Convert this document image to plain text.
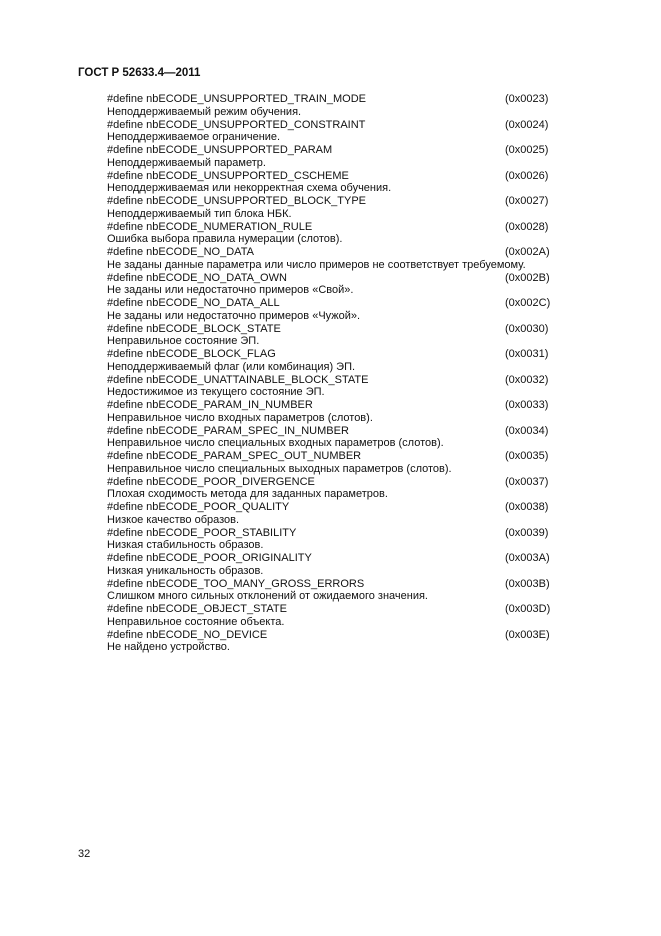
ГОСТ Р 52633.4—2011
#define nbECODE_UNSUPPORTED_TRAIN_MODE	(0x0023)
Неподдерживаемый режим обучения.
#define nbECODE_UNSUPPORTED_CONSTRAINT	(0x0024)
Неподдерживаемое ограничение.
#define nbECODE_UNSUPPORTED_PARAM	(0x0025)
Неподдерживаемый параметр.
#define nbECODE_UNSUPPORTED_CSCHEME	(0x0026)
Неподдерживаемая или некорректная схема обучения.
#define nbECODE_UNSUPPORTED_BLOCK_TYPE	(0x0027)
Неподдерживаемый тип блока НБК.
#define nbECODE_NUMERATION_RULE	(0x0028)
Ошибка выбора правила нумерации (слотов).
#define nbECODE_NO_DATA	(0x002A)
Не заданы данные параметра или число примеров не соответствует требуемому.
#define nbECODE_NO_DATA_OWN	(0x002B)
Не заданы или недостаточно примеров «Свой».
#define nbECODE_NO_DATA_ALL	(0x002C)
Не заданы или недостаточно примеров «Чужой».
#define nbECODE_BLOCK_STATE	(0x0030)
Неправильное состояние ЭП.
#define nbECODE_BLOCK_FLAG	(0x0031)
Неподдерживаемый флаг (или комбинация) ЭП.
#define nbECODE_UNATTAINABLE_BLOCK_STATE	(0x0032)
Недостижимое из текущего состояние ЭП.
#define nbECODE_PARAM_IN_NUMBER	(0x0033)
Неправильное число входных параметров (слотов).
#define nbECODE_PARAM_SPEC_IN_NUMBER	(0x0034)
Неправильное число специальных входных параметров (слотов).
#define nbECODE_PARAM_SPEC_OUT_NUMBER	(0x0035)
Неправильное число специальных выходных параметров (слотов).
#define nbECODE_POOR_DIVERGENCE	(0x0037)
Плохая сходимость метода для заданных параметров.
#define nbECODE_POOR_QUALITY	(0x0038)
Низкое качество образов.
#define nbECODE_POOR_STABILITY	(0x0039)
Низкая стабильность образов.
#define nbECODE_POOR_ORIGINALITY	(0x003A)
Низкая уникальность образов.
#define nbECODE_TOO_MANY_GROSS_ERRORS	(0x003B)
Слишком много сильных отклонений от ожидаемого значения.
#define nbECODE_OBJECT_STATE	(0x003D)
Неправильное состояние объекта.
#define nbECODE_NO_DEVICE	(0x003E)
Не найдено устройство.
32
